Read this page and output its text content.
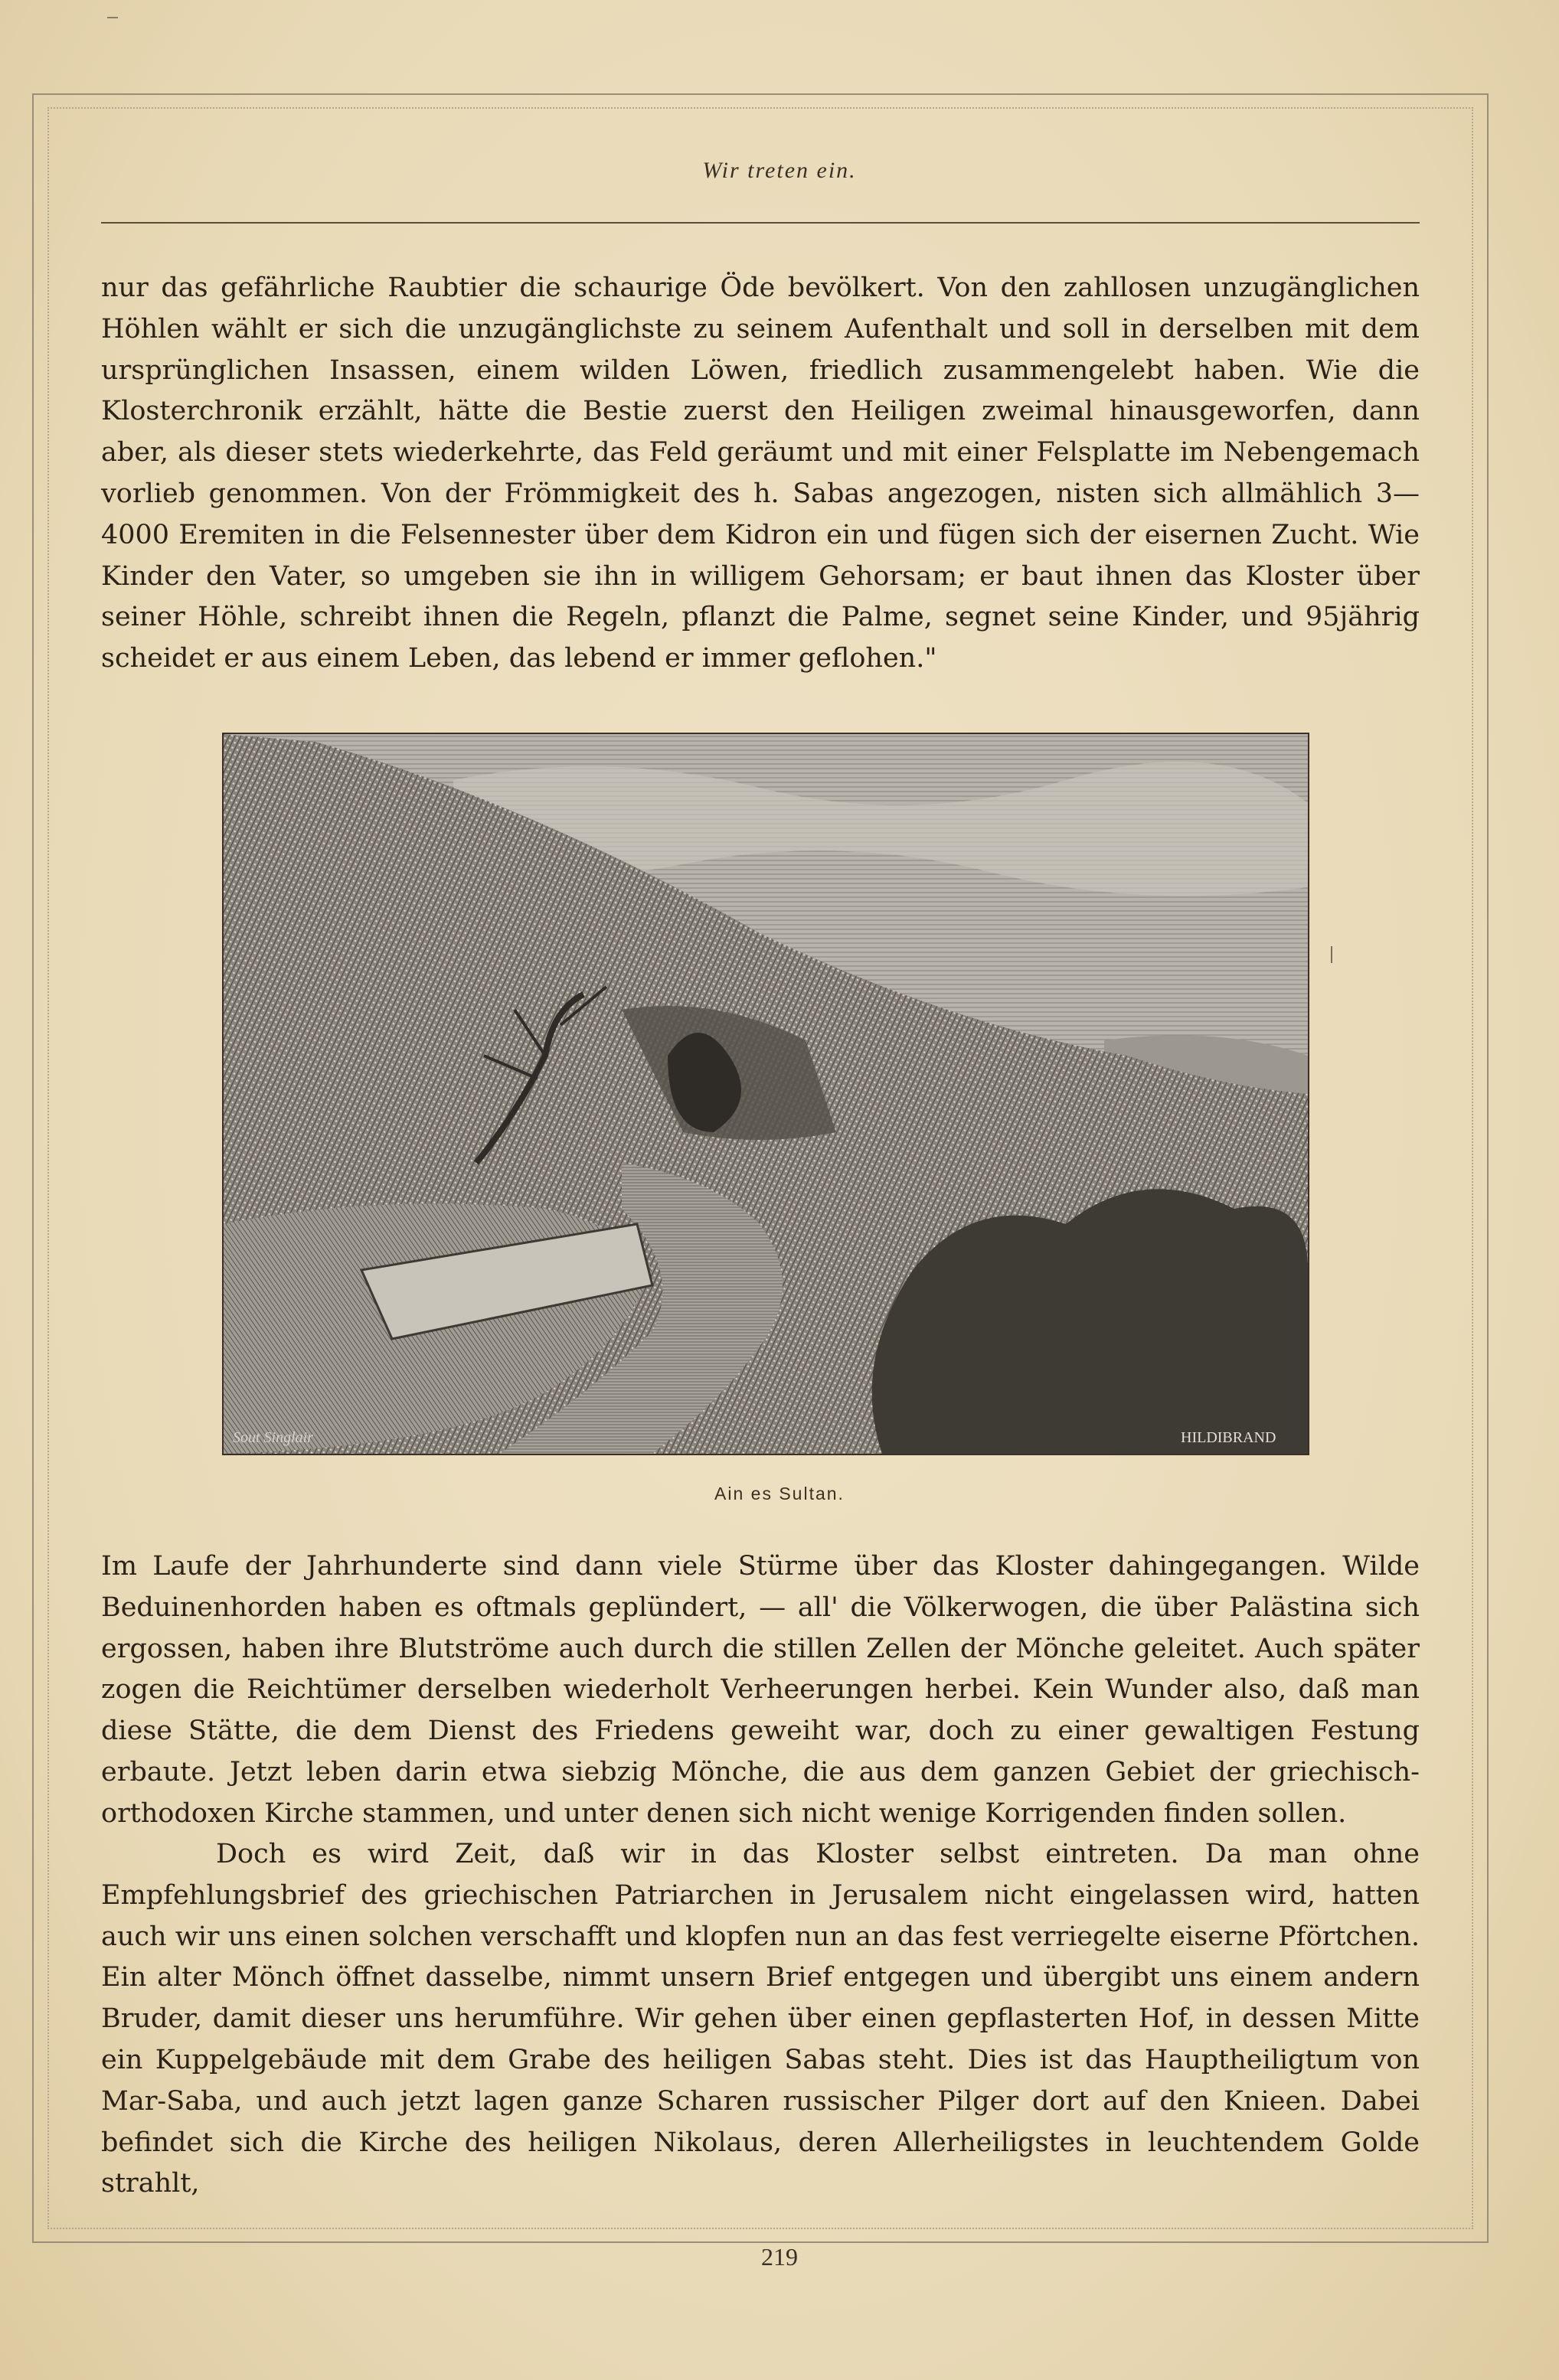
Wir treten ein.

nur das gefährliche Raubtier die schaurige Öde bevölkert. Von den zahllosen unzugänglichen Höhlen wählt er sich die unzugänglichste zu seinem Aufenthalt und soll in derselben mit dem ursprünglichen Insassen, einem wilden Löwen, friedlich zusammengelebt haben. Wie die Klosterchronik erzählt, hätte die Bestie zuerst den Heiligen zweimal hinausgeworfen, dann aber, als dieser stets wiederkehrte, das Feld geräumt und mit einer Felsplatte im Nebengemach vorlieb genommen. Von der Frömmigkeit des h. Sabas angezogen, nisten sich allmählich 3—4000 Eremiten in die Felsennester über dem Kidron ein und fügen sich der eisernen Zucht. Wie Kinder den Vater, so umgeben sie ihn in willigem Gehorsam; er baut ihnen das Kloster über seiner Höhle, schreibt ihnen die Regeln, pflanzt die Palme, segnet seine Kinder, und 95jährig scheidet er aus einem Leben, das lebend er immer geflohen."

Sout Singlair	HILDIBRAND
Ain es Sultan.

Im Laufe der Jahrhunderte sind dann viele Stürme über das Kloster dahingegangen. Wilde Beduinenhorden haben es oftmals geplündert, — all' die Völkerwogen, die über Palästina sich ergossen, haben ihre Blutströme auch durch die stillen Zellen der Mönche geleitet. Auch später zogen die Reichtümer derselben wiederholt Verheerungen herbei. Kein Wunder also, daß man diese Stätte, die dem Dienst des Friedens geweiht war, doch zu einer gewaltigen Festung erbaute. Jetzt leben darin etwa siebzig Mönche, die aus dem ganzen Gebiet der griechisch-orthodoxen Kirche stammen, und unter denen sich nicht wenige Korrigenden finden sollen.

Doch es wird Zeit, daß wir in das Kloster selbst eintreten. Da man ohne Empfehlungsbrief des griechischen Patriarchen in Jerusalem nicht eingelassen wird, hatten auch wir uns einen solchen verschafft und klopfen nun an das fest verriegelte eiserne Pförtchen. Ein alter Mönch öffnet dasselbe, nimmt unsern Brief entgegen und übergibt uns einem andern Bruder, damit dieser uns herumführe. Wir gehen über einen gepflasterten Hof, in dessen Mitte ein Kuppelgebäude mit dem Grabe des heiligen Sabas steht. Dies ist das Hauptheiligtum von Mar-Saba, und auch jetzt lagen ganze Scharen russischer Pilger dort auf den Knieen. Dabei befindet sich die Kirche des heiligen Nikolaus, deren Allerheiligstes in leuchtendem Golde strahlt,

219
